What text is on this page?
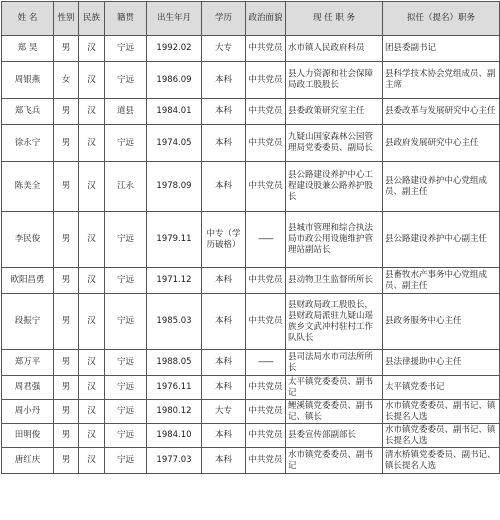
姓 名	性别	民族	籍贯	出生年月	学历	政治面貌	现 任 职 务	拟任（提名）职务
郑 昊	男	汉	宁远	1992.02	大专	中共党员	水市镇人民政府科员	团县委副书记
周银燕	女	汉	宁远	1986.09	本科	中共党员	县人力资源和社会保障局政工股股长	县科学技术协会党组成员、副主席
郑飞兵	男	汉	道县	1984.01	本科	中共党员	县委政策研究室主任	县委改革与发展研究中心主任
徐永宁	男	汉	宁远	1974.05	本科	中共党员	九疑山国家森林公园管理局党委委员、副局长	县政府发展研究中心主任
陈美全	男	汉	江永	1978.09	本科	中共党员	县公路建设养护中心工程建设股兼公路养护股长	县公路建设养护中心党组成员、副主任
李民俊	男	汉	宁远	1979.11	中专（学历破格）	——	县城市管理和综合执法局市政公用设施维护管理站副站长	县公路建设养护中心副主任
欧阳昌勇	男	汉	宁远	1971.12	本科	中共党员	县动物卫生监督所所长	县畜牧水产事务中心党组成员、副主任
段振宁	男	汉	宁远	1985.03	本科	中共党员	县财政局政工股股长，县财政局派驻九疑山瑶族乡文武冲村驻村工作队队长	县政务服务中心主任
郑万平	男	汉	宁远	1988.05	本科	——	县司法局水市司法所所长	县法律援助中心主任
周君强	男	汉	宁远	1976.11	本科	中共党员	太平镇党委委员、副书记	太平镇党委书记
周小丹	男	汉	宁远	1980.12	大专	中共党员	鲤溪镇党委委员、副书记、镇长	水市镇党委委员、副书记、镇长提名人选
田明俊	男	汉	宁远	1984.10	本科	中共党员	县委宣传部副部长	水市镇党委委员、副书记、镇长提名人选
唐红庆	男	汉	宁远	1977.03	本科	中共党员	水市镇党委委员、副书记	清水桥镇党委委员、副书记、镇长提名人选
